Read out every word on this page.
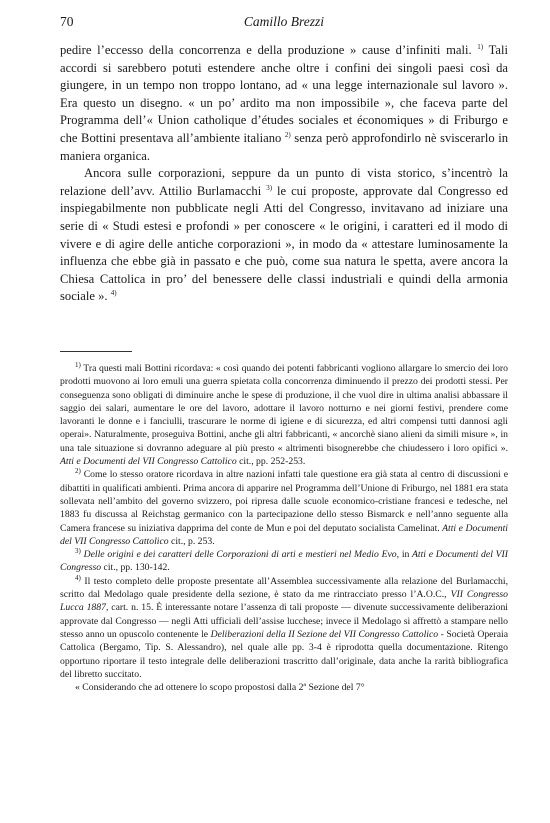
70	Camillo Brezzi

pedire l’eccesso della concorrenza e della produzione » cause d’infiniti mali. $^{1)}$ Tali accordi si sarebbero potuti estendere anche oltre i confini dei singoli paesi così da giungere, in un tempo non troppo lontano, ad « una legge internazionale sul lavoro ». Era questo un disegno. « un po’ ardito ma non impossibile », che faceva parte del Programma dell’« Union catholique d’études sociales et économiques » di Friburgo e che Bottini presentava all’ambiente italiano $^{2)}$ senza però approfondirlo nè sviscerarlo in maniera organica.

Ancora sulle corporazioni, seppure da un punto di vista storico, s’incentrò la relazione dell’avv. Attilio Burlamacchi $^{3)}$ le cui proposte, approvate dal Congresso ed inspiegabilmente non pubblicate negli Atti del Congresso, invitavano ad iniziare una serie di « Studi estesi e profondi » per conoscere « le origini, i caratteri ed il modo di vivere e di agire delle antiche corporazioni », in modo da « attestare luminosamente la influenza che ebbe già in passato e che può, come sua natura le spetta, avere ancora la Chiesa Cattolica in pro’ del benessere delle classi industriali e quindi della armonia sociale ». $^{4)}$

$^{1)}$ Tra questi mali Bottini ricordava: « così quando dei potenti fabbricanti vogliono allargare lo smercio dei loro prodotti muovono ai loro emuli una guerra spietata colla concorrenza diminuendo il prezzo dei prodotti stessi. Per conseguenza sono obligati di diminuire anche le spese di produzione, il che vuol dire in ultima analisi abbassare il saggio dei salari, aumentare le ore del lavoro, adottare il lavoro notturno e nei giorni festivi, prendere come lavoranti le donne e i fanciulli, trascurare le norme di igiene e di sicurezza, ed altri compensi tutti dannosi agli operai». Naturalmente, proseguiva Bottini, anche gli altri fabbricanti, « ancorchè siano alieni da simili misure », in una tale situazione si dovranno adeguare al più presto « altrimenti bisognerebbe che chiudessero i loro opifici ». Atti e Documenti del VII Congresso Cattolico cit., pp. 252-253.

$^{2)}$ Come lo stesso oratore ricordava in altre nazioni infatti tale questione era già stata al centro di discussioni e dibattiti in qualificati ambienti. Prima ancora di apparire nel Programma dell’Unione di Friburgo, nel 1881 era stata sollevata nell’ambito del governo svizzero, poi ripresa dalle scuole economico-cristiane francesi e tedesche, nel 1883 fu discussa al Reichstag germanico con la partecipazione dello stesso Bismarck e nell’anno seguente alla Camera francese su iniziativa dapprima del conte de Mun e poi del deputato socialista Camelinat. Atti e Documenti del VII Congresso Cattolico cit., p. 253.

$^{3)}$ Delle origini e dei caratteri delle Corporazioni di arti e mestieri nel Medio Evo, in Atti e Documenti del VII Congresso cit., pp. 130-142.

$^{4)}$ Il testo completo delle proposte presentate all’Assemblea successivamente alla relazione del Burlamacchi, scritto dal Medolago quale presidente della sezione, è stato da me rintracciato presso l’A.O.C., VII Congresso Lucca 1887, cart. n. 15. È interessante notare l’assenza di tali proposte — divenute successivamente deliberazioni approvate dal Congresso — negli Atti ufficiali dell’assise lucchese; invece il Medolago si affrettò a stampare nello stesso anno un opuscolo contenente le Deliberazioni della II Sezione del VII Congresso Cattolico - Società Operaia Cattolica (Bergamo, Tip. S. Alessandro), nel quale alle pp. 3-4 è riprodotta quella documentazione. Ritengo opportuno riportare il testo integrale delle deliberazioni trascritto dall’originale, data anche la rarità bibliografica del libretto succitato.

« Considerando che ad ottenere lo scopo propostosi dalla 2ª Sezione del 7°
